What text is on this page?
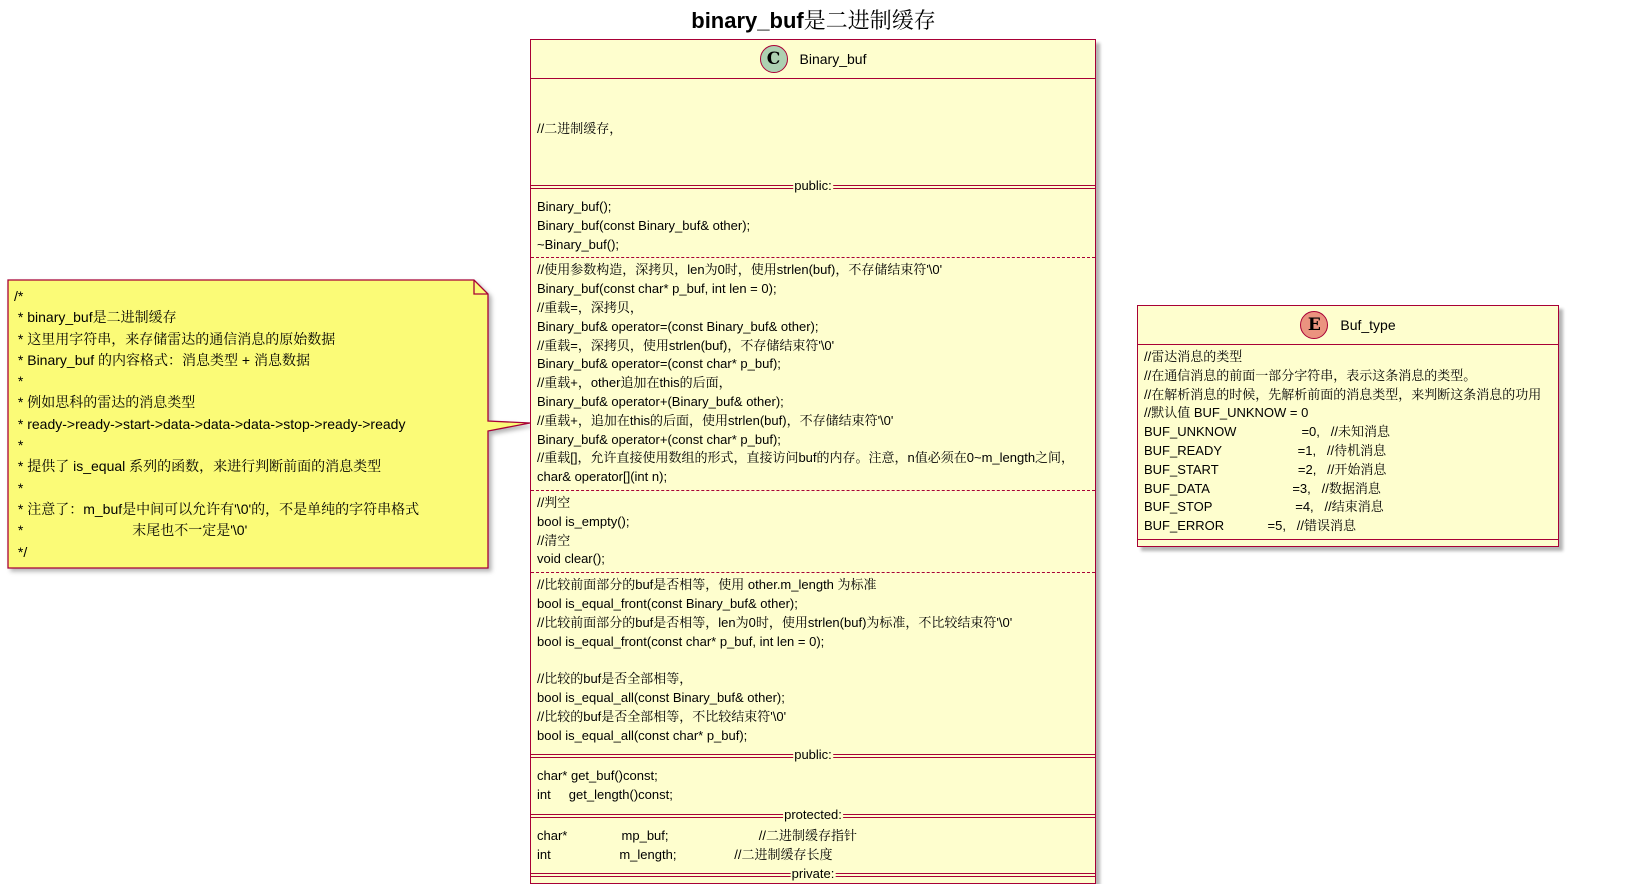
binary_buf是二进制缓存
/*
* binary_buf是二进制缓存
* 这里用字符串，来存储雷达的通信消息的原始数据
* Binary_buf 的内容格式：消息类型 + 消息数据
*
* 例如思科的雷达的消息类型
* ready->ready->start->data->data->data->stop->ready->ready
*
* 提供了 is_equal 系列的函数，来进行判断前面的消息类型
*
* 注意了：m_buf是中间可以允许有'\0'的，不是单纯的字符串格式
*                            末尾也不一定是'\0'
*/
C	Binary_buf

//二进制缓存，

public:
Binary_buf();
Binary_buf(const Binary_buf& other);
~Binary_buf();
//使用参数构造，深拷贝，len为0时，使用strlen(buf)，不存储结束符'\0'
Binary_buf(const char* p_buf, int len = 0);
//重载=，深拷贝，
Binary_buf& operator=(const Binary_buf& other);
//重载=，深拷贝，使用strlen(buf)，不存储结束符'\0'
Binary_buf& operator=(const char* p_buf);
//重载+，other追加在this的后面，
Binary_buf& operator+(Binary_buf& other);
//重载+，追加在this的后面，使用strlen(buf)，不存储结束符'\0'
Binary_buf& operator+(const char* p_buf);
//重载[]，允许直接使用数组的形式，直接访问buf的内存。注意，n值必须在0~m_length之间，
char& operator[](int n);
//判空
bool is_empty();
//清空
void clear();
//比较前面部分的buf是否相等，使用 other.m_length 为标准
bool is_equal_front(const Binary_buf& other);
//比较前面部分的buf是否相等，len为0时，使用strlen(buf)为标准，不比较结束符'\0'
bool is_equal_front(const char* p_buf, int len = 0);
//比较的buf是否全部相等，
bool is_equal_all(const Binary_buf& other);
//比较的buf是否全部相等，不比较结束符'\0'
bool is_equal_all(const char* p_buf);
public:
char* get_buf()const;
int     get_length()const;
protected:
char*               mp_buf;                         //二进制缓存指针
int                   m_length;                //二进制缓存长度
private:
E	Buf_type
//雷达消息的类型
//在通信消息的前面一部分字符串，表示这条消息的类型。
//在解析消息的时候，先解析前面的消息类型，来判断这条消息的功用
//默认值 BUF_UNKNOW = 0
BUF_UNKNOW                  =0,   //未知消息
BUF_READY                     =1,   //待机消息
BUF_START                      =2,   //开始消息
BUF_DATA                       =3,   //数据消息
BUF_STOP                       =4,   //结束消息
BUF_ERROR            =5,   //错误消息
